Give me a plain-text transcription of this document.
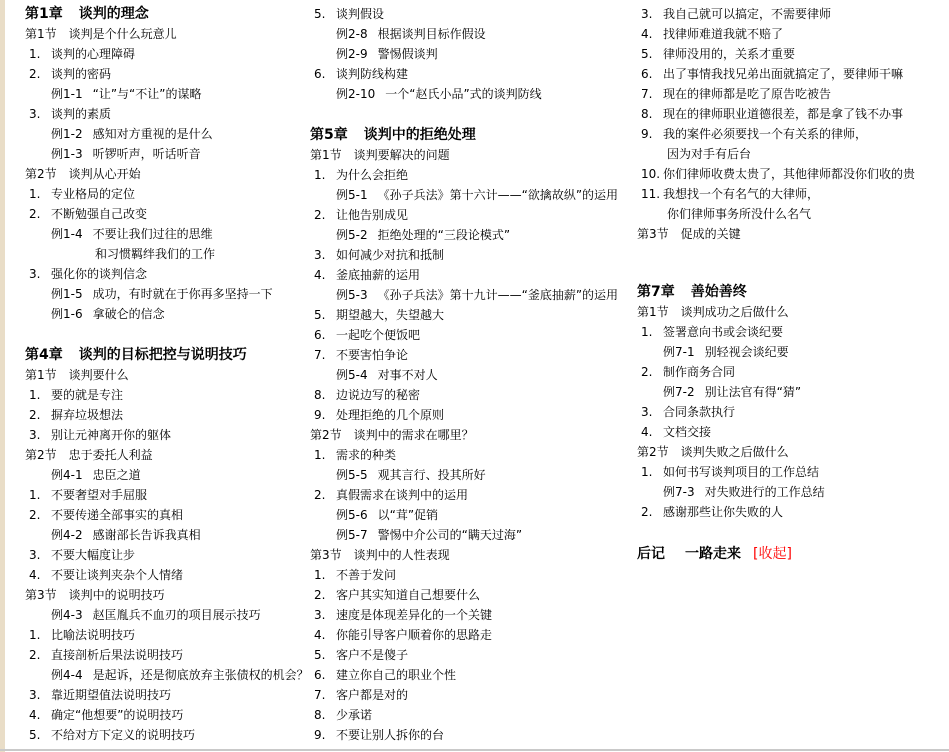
第1章 谈判的理念
第1节 谈判是个什么玩意儿
1. 谈判的心理障碍
2. 谈判的密码
例1-1 “让”与“不让”的谋略
3. 谈判的素质
例1-2 感知对方重视的是什么
例1-3 听锣听声，听话听音
第2节 谈判从心开始
1. 专业格局的定位
2. 不断勉强自己改变
例1-4 不要让我们过往的思维
和习惯羁绊我们的工作
3. 强化你的谈判信念
例1-5 成功，有时就在于你再多坚持一下
例1-6 拿破仑的信念
第4章 谈判的目标把控与说明技巧
第1节 谈判要什么
1. 要的就是专注
2. 摒弃垃圾想法
3. 别让元神离开你的躯体
第2节 忠于委托人利益
例4-1 忠臣之道
1. 不要奢望对手屈服
2. 不要传递全部事实的真相
例4-2 感谢部长告诉我真相
3. 不要大幅度让步
4. 不要让谈判夹杂个人情绪
第3节 谈判中的说明技巧
例4-3 赵匡胤兵不血刃的项目展示技巧
1. 比喻法说明技巧
2. 直接剖析后果法说明技巧
例4-4 是起诉，还是彻底放弃主张债权的机会？
3. 靠近期望值法说明技巧
4. 确定“他想要”的说明技巧
5. 不给对方下定义的说明技巧
5. 谈判假设
例2-8 根据谈判目标作假设
例2-9 警惕假谈判
6. 谈判防线构建
例2-10 一个“赵氏小品”式的谈判防线
第5章 谈判中的拒绝处理
第1节 谈判要解决的问题
1. 为什么会拒绝
例5-1 《孙子兵法》第十六计——“欲擒故纵”的运用
2. 让他告别成见
例5-2 拒绝处理的“三段论模式”
3. 如何减少对抗和抵制
4. 釜底抽薪的运用
例5-3 《孙子兵法》第十九计——“釜底抽薪”的运用
5. 期望越大，失望越大
6. 一起吃个便饭吧
7. 不要害怕争论
例5-4 对事不对人
8. 边说边写的秘密
9. 处理拒绝的几个原则
第2节 谈判中的需求在哪里？
1. 需求的种类
例5-5 观其言行、投其所好
2. 真假需求在谈判中的运用
例5-6 以“茸”促销
例5-7 警惕中介公司的“瞒天过海”
第3节 谈判中的人性表现
1. 不善于发问
2. 客户其实知道自己想要什么
3. 速度是体现差异化的一个关键
4. 你能引导客户顺着你的思路走
5. 客户不是傻子
6. 建立你自己的职业个性
7. 客户都是对的
8. 少承诺
9. 不要让别人拆你的台
3. 我自己就可以搞定，不需要律师
4. 找律师难道我就不赔了
5. 律师没用的，关系才重要
6. 出了事情我找兄弟出面就搞定了，要律师干嘛
7. 现在的律师都是吃了原告吃被告
8. 现在的律师职业道德很差，都是拿了钱不办事
9. 我的案件必须要找一个有关系的律师，
因为对手有后台
10. 你们律师收费太贵了，其他律师都没你们收的贵
11. 我想找一个有名气的大律师，
你们律师事务所没什么名气
第3节 促成的关键
第7章 善始善终
第1节 谈判成功之后做什么
1. 签署意向书或会谈纪要
例7-1 别轻视会谈纪要
2. 制作商务合同
例7-2 别让法官有得“猜”
3. 合同条款执行
4. 文档交接
第2节 谈判失败之后做什么
1. 如何书写谈判项目的工作总结
例7-3 对失败进行的工作总结
2. 感谢那些让你失败的人
后记 一路走来 [收起]
